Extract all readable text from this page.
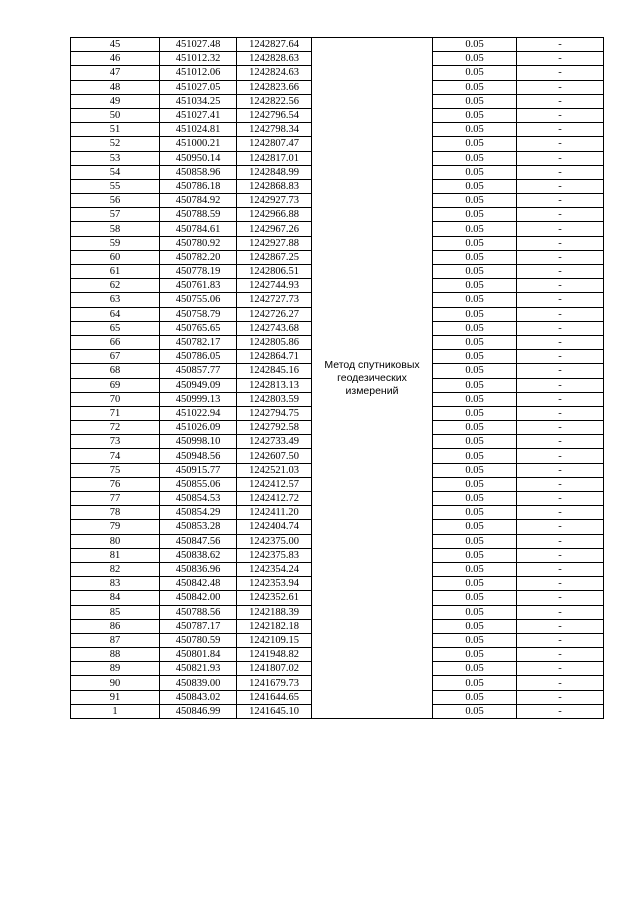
45	451027.48	1242827.64	Метод спутниковых
геодезических
измерений	0.05	-
46	451012.32	1242828.63		0.05	-
47	451012.06	1242824.63		0.05	-
48	451027.05	1242823.66		0.05	-
49	451034.25	1242822.56		0.05	-
50	451027.41	1242796.54		0.05	-
51	451024.81	1242798.34		0.05	-
52	451000.21	1242807.47		0.05	-
53	450950.14	1242817.01		0.05	-
54	450858.96	1242848.99		0.05	-
55	450786.18	1242868.83		0.05	-
56	450784.92	1242927.73		0.05	-
57	450788.59	1242966.88		0.05	-
58	450784.61	1242967.26		0.05	-
59	450780.92	1242927.88		0.05	-
60	450782.20	1242867.25		0.05	-
61	450778.19	1242806.51		0.05	-
62	450761.83	1242744.93		0.05	-
63	450755.06	1242727.73		0.05	-
64	450758.79	1242726.27		0.05	-
65	450765.65	1242743.68		0.05	-
66	450782.17	1242805.86		0.05	-
67	450786.05	1242864.71		0.05	-
68	450857.77	1242845.16		0.05	-
69	450949.09	1242813.13		0.05	-
70	450999.13	1242803.59		0.05	-
71	451022.94	1242794.75		0.05	-
72	451026.09	1242792.58		0.05	-
73	450998.10	1242733.49		0.05	-
74	450948.56	1242607.50		0.05	-
75	450915.77	1242521.03		0.05	-
76	450855.06	1242412.57		0.05	-
77	450854.53	1242412.72		0.05	-
78	450854.29	1242411.20		0.05	-
79	450853.28	1242404.74		0.05	-
80	450847.56	1242375.00		0.05	-
81	450838.62	1242375.83		0.05	-
82	450836.96	1242354.24		0.05	-
83	450842.48	1242353.94		0.05	-
84	450842.00	1242352.61		0.05	-
85	450788.56	1242188.39		0.05	-
86	450787.17	1242182.18		0.05	-
87	450780.59	1242109.15		0.05	-
88	450801.84	1241948.82		0.05	-
89	450821.93	1241807.02		0.05	-
90	450839.00	1241679.73		0.05	-
91	450843.02	1241644.65		0.05	-
1	450846.99	1241645.10		0.05	-
